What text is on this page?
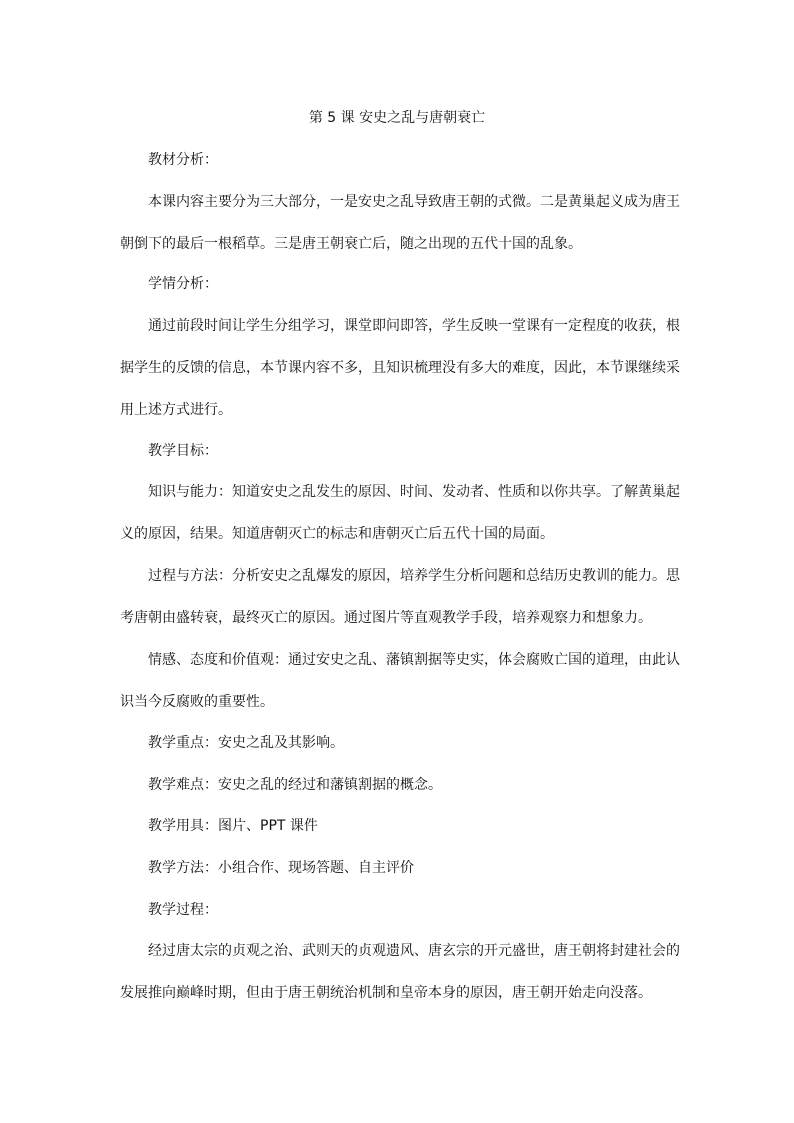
第 5 课 安史之乱与唐朝衰亡

教材分析：

本课内容主要分为三大部分，一是安史之乱导致唐王朝的式微。二是黄巢起义成为唐王朝倒下的最后一根稻草。三是唐王朝衰亡后，随之出现的五代十国的乱象。

学情分析：

通过前段时间让学生分组学习，课堂即问即答，学生反映一堂课有一定程度的收获，根据学生的反馈的信息，本节课内容不多，且知识梳理没有多大的难度，因此，本节课继续采用上述方式进行。

教学目标：

知识与能力：知道安史之乱发生的原因、时间、发动者、性质和以你共享。了解黄巢起义的原因，结果。知道唐朝灭亡的标志和唐朝灭亡后五代十国的局面。

过程与方法：分析安史之乱爆发的原因，培养学生分析问题和总结历史教训的能力。思考唐朝由盛转衰，最终灭亡的原因。通过图片等直观教学手段，培养观察力和想象力。

情感、态度和价值观：通过安史之乱、藩镇割据等史实，体会腐败亡国的道理，由此认识当今反腐败的重要性。

教学重点：安史之乱及其影响。

教学难点：安史之乱的经过和藩镇割据的概念。

教学用具：图片、PPT 课件

教学方法：小组合作、现场答题、自主评价

教学过程：

经过唐太宗的贞观之治、武则天的贞观遗风、唐玄宗的开元盛世，唐王朝将封建社会的发展推向巅峰时期，但由于唐王朝统治机制和皇帝本身的原因，唐王朝开始走向没落。
